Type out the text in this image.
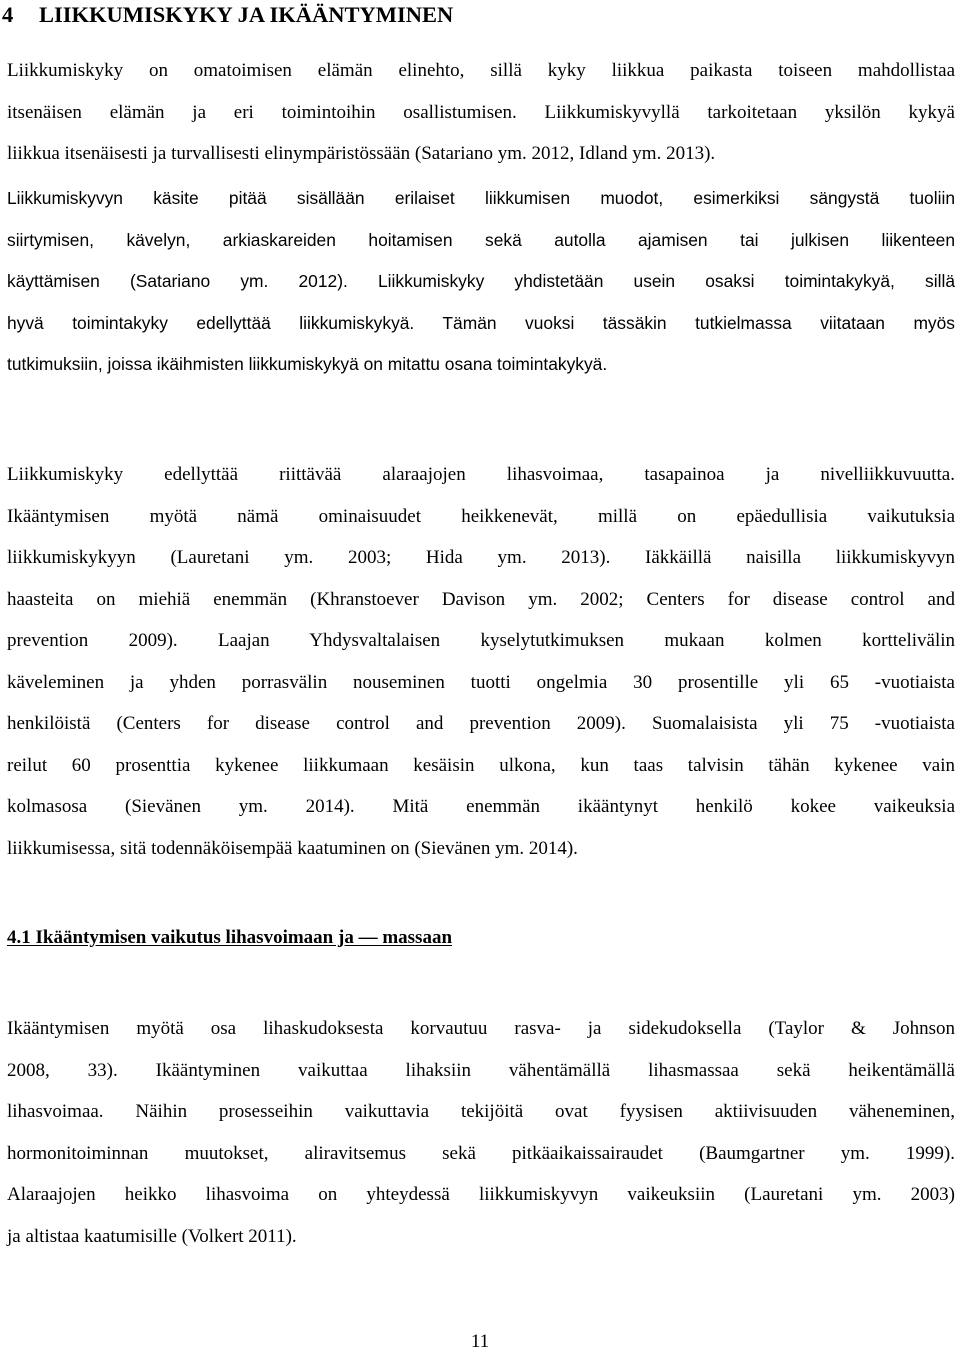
4 LIIKKUMISKYKY JA IKÄÄNTYMINEN
Liikkumiskyky on omatoimisen elämän elinehto, sillä kyky liikkua paikasta toiseen mahdollistaa
itsenäisen elämän ja eri toimintoihin osallistumisen. Liikkumiskyvyllä tarkoitetaan yksilön kykyä
liikkua itsenäisesti ja turvallisesti elinympäristössään (Satariano ym. 2012, Idland ym. 2013).
Liikkumiskyvyn käsite pitää sisällään erilaiset liikkumisen muodot, esimerkiksi sängystä tuoliin
siirtymisen, kävelyn, arkiaskareiden hoitamisen sekä autolla ajamisen tai julkisen liikenteen
käyttämisen (Satariano ym. 2012). Liikkumiskyky yhdistetään usein osaksi toimintakykyä, sillä
hyvä toimintakyky edellyttää liikkumiskykyä. Tämän vuoksi tässäkin tutkielmassa viitataan myös
tutkimuksiin, joissa ikäihmisten liikkumiskykyä on mitattu osana toimintakykyä.
Liikkumiskyky edellyttää riittävää alaraajojen lihasvoimaa, tasapainoa ja nivelliikkuvuutta.
Ikääntymisen myötä nämä ominaisuudet heikkenevät, millä on epäedullisia vaikutuksia
liikkumiskykyyn (Lauretani ym. 2003; Hida ym. 2013). Iäkkäillä naisilla liikkumiskyvyn
haasteita on miehiä enemmän (Khranstoever Davison ym. 2002; Centers for disease control and
prevention 2009). Laajan Yhdysvaltalaisen kyselytutkimuksen mukaan kolmen korttelivälin
käveleminen ja yhden porrasvälin nouseminen tuotti ongelmia 30 prosentille yli 65 -vuotiaista
henkilöistä (Centers for disease control and prevention 2009). Suomalaisista yli 75 -vuotiaista
reilut 60 prosenttia kykenee liikkumaan kesäisin ulkona, kun taas talvisin tähän kykenee vain
kolmasosa (Sievänen ym. 2014). Mitä enemmän ikääntynyt henkilö kokee vaikeuksia
liikkumisessa, sitä todennäköisempää kaatuminen on (Sievänen ym. 2014).
4.1 Ikääntymisen vaikutus lihasvoimaan ja — massaan
Ikääntymisen myötä osa lihaskudoksesta korvautuu rasva- ja sidekudoksella (Taylor & Johnson
2008, 33). Ikääntyminen vaikuttaa lihaksiin vähentämällä lihasmassaa sekä heikentämällä
lihasvoimaa. Näihin prosesseihin vaikuttavia tekijöitä ovat fyysisen aktiivisuuden väheneminen,
hormonitoiminnan muutokset, aliravitsemus sekä pitkäaikaissairaudet (Baumgartner ym. 1999).
Alaraajojen heikko lihasvoima on yhteydessä liikkumiskyvyn vaikeuksiin (Lauretani ym. 2003)
ja altistaa kaatumisille (Volkert 2011).
11
